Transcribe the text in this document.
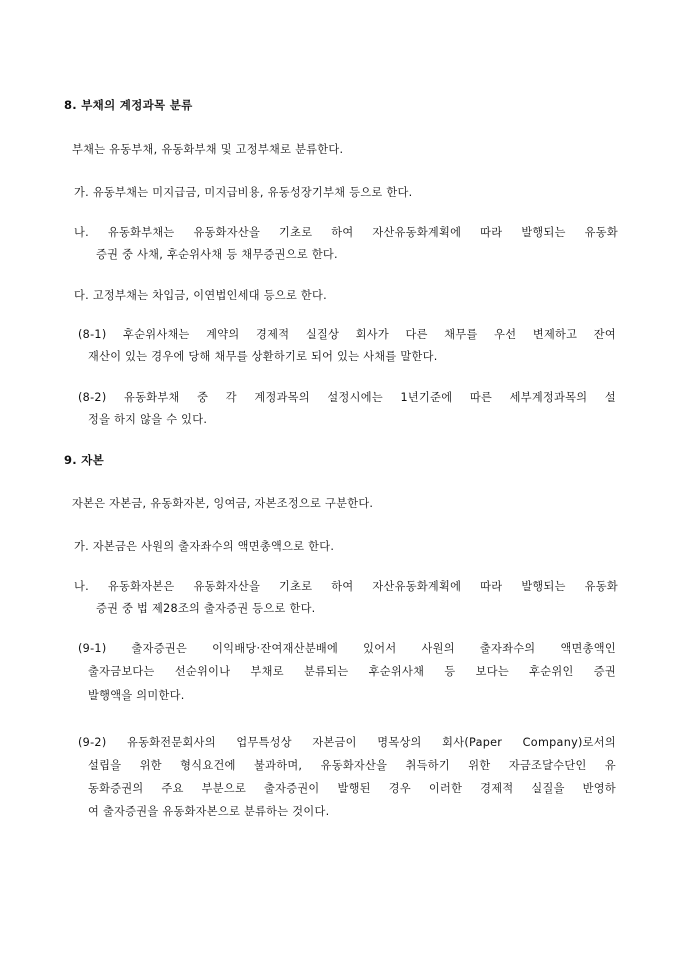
8. 부채의 계정과목 분류
부채는 유동부채, 유동화부채 및 고정부채로 분류한다.
가. 유동부채는 미지급금, 미지급비용, 유동성장기부채 등으로 한다.
나. 유동화부채는 유동화자산을 기초로 하여 자산유동화계획에 따라 발행되는 유동화
증권 중 사채, 후순위사채 등 채무증권으로 한다.
다. 고정부채는 차입금, 이연법인세대 등으로 한다.
(8-1) 후순위사채는 계약의 경제적 실질상 회사가 다른 채무를 우선 변제하고 잔여
재산이 있는 경우에 당해 채무를 상환하기로 되어 있는 사채를 말한다.
(8-2) 유동화부채 중 각 계정과목의 설정시에는 1년기준에 따른 세부계정과목의 설
정을 하지 않을 수 있다.
9. 자본
자본은 자본금, 유동화자본, 잉여금, 자본조정으로 구분한다.
가. 자본금은 사원의 출자좌수의 액면총액으로 한다.
나. 유동화자본은 유동화자산을 기초로 하여 자산유동화계획에 따라 발행되는 유동화
증권 중 법 제28조의 출자증권 등으로 한다.
(9-1) 출자증권은 이익배당·잔여재산분배에 있어서 사원의 출자좌수의 액면총액인
출자금보다는 선순위이나 부채로 분류되는 후순위사채 등 보다는 후순위인 증권
발행액을 의미한다.
(9-2) 유동화전문회사의 업무특성상 자본금이 명목상의 회사(Paper Company)로서의
설립을 위한 형식요건에 불과하며, 유동화자산을 취득하기 위한 자금조달수단인 유
동화증권의 주요 부분으로 출자증권이 발행된 경우 이러한 경제적 실질을 반영하
여 출자증권을 유동화자본으로 분류하는 것이다.
